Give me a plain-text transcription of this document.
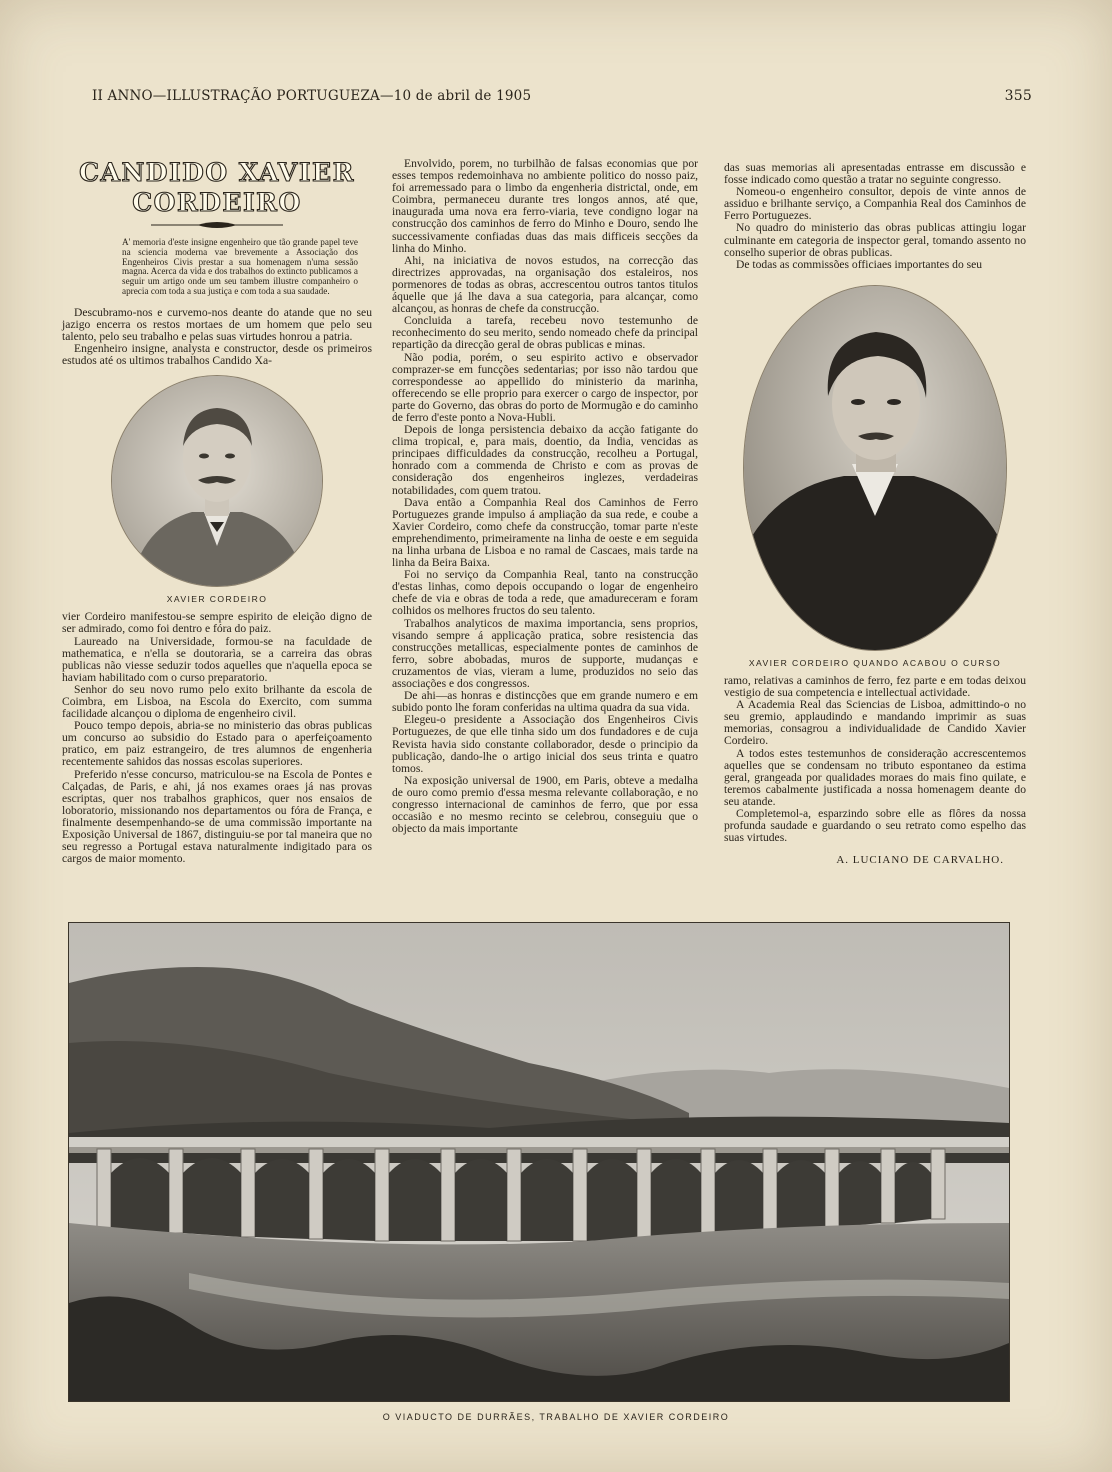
II ANNO—ILLUSTRAÇÃO PORTUGUEZA—10 de abril de 1905	355
CANDIDO XAVIER CORDEIRO

A' memoria d'este insigne engenheiro que tão grande papel teve na sciencia moderna vae brevemente a Associação dos Engenheiros Civis prestar a sua homenagem n'uma sessão magna. Acerca da vida e dos trabalhos do extincto publicamos a seguir um artigo onde um seu tambem illustre companheiro o aprecia com toda a sua justiça e com toda a sua saudade.

Descubramo-nos e curvemo-nos deante do atande que no seu jazigo encerra os restos mortaes de um homem que pelo seu talento, pelo seu trabalho e pelas suas virtudes honrou a patria.

Engenheiro insigne, analysta e constructor, desde os primeiros estudos até os ultimos trabalhos Candido Xa-

XAVIER CORDEIRO

vier Cordeiro manifestou-se sempre espirito de eleição digno de ser admirado, como foi dentro e fóra do paiz.

Laureado na Universidade, formou-se na faculdade de mathematica, e n'ella se doutorarìa, se a carreira das obras publicas não viesse seduzir todos aquelles que n'aquella epoca se haviam habilitado com o curso preparatorio.

Senhor do seu novo rumo pelo exito brilhante da escola de Coimbra, em Lisboa, na Escola do Exercito, com summa facilidade alcançou o diploma de engenheiro civil.

Pouco tempo depois, abria-se no ministerio das obras publicas um concurso ao subsidio do Estado para o aperfeiçoamento pratico, em paiz estrangeiro, de tres alumnos de engenheria recentemente sahidos das nossas escolas superiores.

Preferido n'esse concurso, matriculou-se na Escola de Pontes e Calçadas, de Paris, e ahi, já nos exames oraes já nas provas escriptas, quer nos trabalhos graphicos, quer nos ensaios de loboratorio, missionando nos departamentos ou fóra de França, e finalmente desempenhando-se de uma commissão importante na Exposição Universal de 1867, distinguiu-se por tal maneira que no seu regresso a Portugal estava naturalmente indigitado para os cargos de maior momento.

Envolvido, porem, no turbilhão de falsas economias que por esses tempos redemoinhava no ambiente politico do nosso paiz, foi arremessado para o limbo da engenheria districtal, onde, em Coimbra, permaneceu durante tres longos annos, até que, inaugurada uma nova era ferro-viaria, teve condigno logar na construcção dos caminhos de ferro do Minho e Douro, sendo lhe successivamente confiadas duas das mais difficeis secções da linha do Minho.

Ahi, na iniciativa de novos estudos, na correcção das directrizes approvadas, na organisação dos estaleiros, nos pormenores de todas as obras, accrescentou outros tantos titulos áquelle que já lhe dava a sua categoria, para alcançar, como alcançou, as honras de chefe da construcção.

Concluida a tarefa, recebeu novo testemunho de reconhecimento do seu merito, sendo nomeado chefe da principal repartição da direcção geral de obras publicas e minas.

Não podia, porém, o seu espirito activo e observador comprazer-se em funcções sedentarias; por isso não tardou que correspondesse ao appellido do ministerio da marinha, offerecendo se elle proprio para exercer o cargo de inspector, por parte do Governo, das obras do porto de Mormugão e do caminho de ferro d'este ponto a Nova-Hubli.

Depois de longa persistencia debaixo da acção fatigante do clima tropical, e, para mais, doentio, da India, vencidas as principaes difficuldades da construcção, recolheu a Portugal, honrado com a commenda de Christo e com as provas de consideração dos engenheiros inglezes, verdadeiras notabilidades, com quem tratou.

Dava então a Companhia Real dos Caminhos de Ferro Portuguezes grande impulso á ampliação da sua rede, e coube a Xavier Cordeiro, como chefe da construcção, tomar parte n'este emprehendimento, primeiramente na linha de oeste e em seguida na linha urbana de Lisboa e no ramal de Cascaes, mais tarde na linha da Beira Baixa.

Foi no serviço da Companhia Real, tanto na construcção d'estas linhas, como depois occupando o logar de engenheiro chefe de via e obras de toda a rede, que amadureceram e foram colhidos os melhores fructos do seu talento.

Trabalhos analyticos de maxima importancia, sens proprios, visando sempre á applicação pratica, sobre resistencia das construcções metallicas, especialmente pontes de caminhos de ferro, sobre abobadas, muros de supporte, mudanças e cruzamentos de vias, vieram a lume, produzidos no seio das associações e dos congressos.

De ahi—as honras e distincções que em grande numero e em subido ponto lhe foram conferidas na ultima quadra da sua vida.

Elegeu-o presidente a Associação dos Engenheiros Civis Portuguezes, de que elle tinha sido um dos fundadores e de cuja Revista havia sido constante collaborador, desde o principio da publicação, dando-lhe o artigo inicial dos seus trinta e quatro tomos.

Na exposição universal de 1900, em Paris, obteve a medalha de ouro como premio d'essa mesma relevante collaboração, e no congresso internacional de caminhos de ferro, que por essa occasião e no mesmo recinto se celebrou, conseguiu que o objecto da mais importante

das suas memorias ali apresentadas entrasse em discussão e fosse indicado como questão a tratar no seguinte congresso.

Nomeou-o engenheiro consultor, depois de vinte annos de assiduo e brilhante serviço, a Companhia Real dos Caminhos de Ferro Portuguezes.

No quadro do ministerio das obras publicas attingiu logar culminante em categoria de inspector geral, tomando assento no conselho superior de obras publicas.

De todas as commissões officiaes importantes do seu

XAVIER CORDEIRO QUANDO ACABOU O CURSO

ramo, relativas a caminhos de ferro, fez parte e em todas deixou vestigio de sua competencia e intellectual actividade.

A Academia Real das Sciencias de Lisboa, admittindo-o no seu gremio, applaudindo e mandando imprimir as suas memorias, consagrou a individualidade de Candido Xavier Cordeiro.

A todos estes testemunhos de consideração accrescentemos aquelles que se condensam no tributo espontaneo da estima geral, grangeada por qualidades moraes do mais fino quilate, e teremos cabalmente justificada a nossa homenagem deante do seu atande.

Completemol-a, esparzindo sobre elle as flôres da nossa profunda saudade e guardando o seu retrato como espelho das suas virtudes.

A. LUCIANO DE CARVALHO.

O VIADUCTO DE DURRÃES, TRABALHO DE XAVIER CORDEIRO
